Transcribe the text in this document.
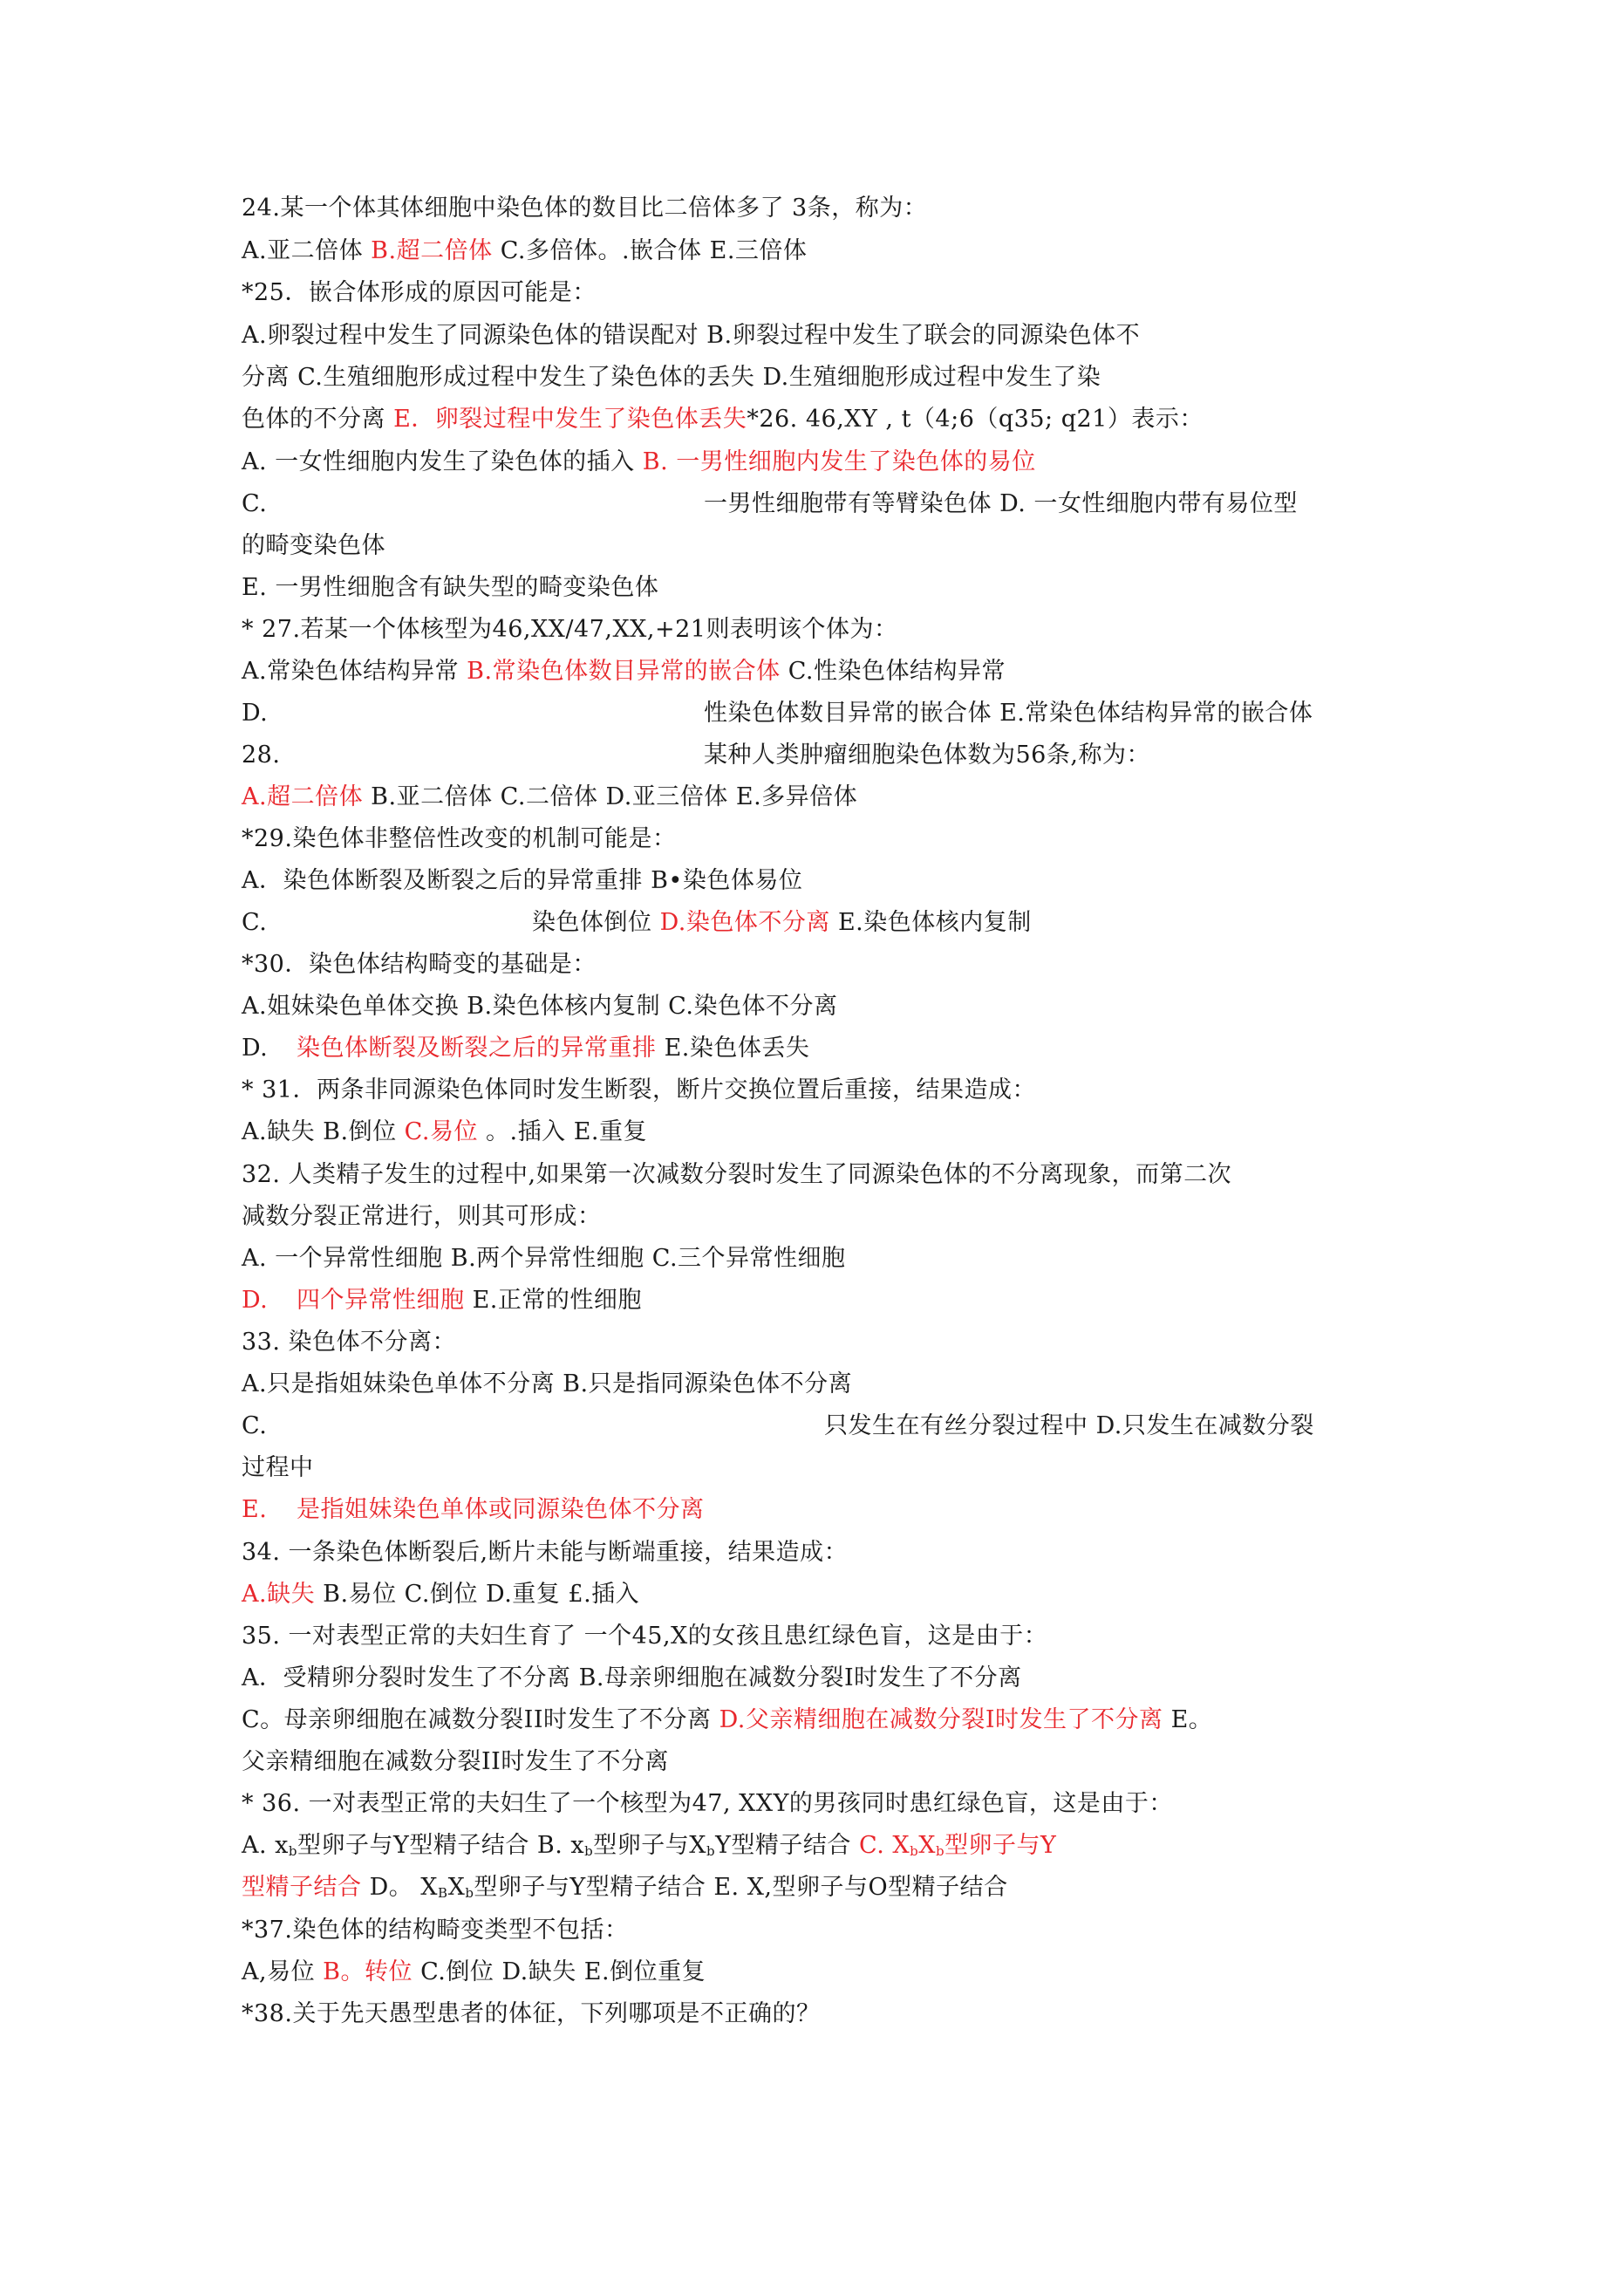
24.某一个体其体细胞中染色体的数目比二倍体多了 3条，称为：
A.亚二倍体 B.超二倍体 C.多倍体。.嵌合体 E.三倍体
*25．嵌合体形成的原因可能是：
A.卵裂过程中发生了同源染色体的错误配对 B.卵裂过程中发生了联会的同源染色体不
分离 C.生殖细胞形成过程中发生了染色体的丢失 D.生殖细胞形成过程中发生了染
色体的不分离 E．卵裂过程中发生了染色体丢失*26. 46,XY , t（4;6（q35; q21）表示：
A. 一女性细胞内发生了染色体的插入 B. 一男性细胞内发生了染色体的易位
C.	一男性细胞带有等臂染色体 D. 一女性细胞内带有易位型
的畸变染色体
E. 一男性细胞含有缺失型的畸变染色体
* 27.若某一个体核型为46,XX/47,XX,+21则表明该个体为：
A.常染色体结构异常 B.常染色体数目异常的嵌合体 C.性染色体结构异常
D.	性染色体数目异常的嵌合体 E.常染色体结构异常的嵌合体
28.	某种人类肿瘤细胞染色体数为56条,称为：
A.超二倍体 B.亚二倍体 C.二倍体 D.亚三倍体 E.多异倍体
*29.染色体非整倍性改变的机制可能是：
A．染色体断裂及断裂之后的异常重排 B•染色体易位
C.	染色体倒位 D.染色体不分离 E.染色体核内复制
*30．染色体结构畸变的基础是：
A.姐妹染色单体交换 B.染色体核内复制 C.染色体不分离
D. 染色体断裂及断裂之后的异常重排 E.染色体丢失
* 31．两条非同源染色体同时发生断裂，断片交换位置后重接，结果造成：
A.缺失 B.倒位 C.易位 。.插入 E.重复
32. 人类精子发生的过程中,如果第一次减数分裂时发生了同源染色体的不分离现象，而第二次
减数分裂正常进行，则其可形成：
A. 一个异常性细胞 B.两个异常性细胞 C.三个异常性细胞
D. 四个异常性细胞 E.正常的性细胞
33. 染色体不分离：
A.只是指姐妹染色单体不分离 B.只是指同源染色体不分离
C.	只发生在有丝分裂过程中 D.只发生在减数分裂
过程中
E. 是指姐妹染色单体或同源染色体不分离
34. 一条染色体断裂后,断片未能与断端重接，结果造成：
A.缺失 B.易位 C.倒位 D.重复 £.插入
35. 一对表型正常的夫妇生育了 一个45,X的女孩且患红绿色盲，这是由于：
A．受精卵分裂时发生了不分离 B.母亲卵细胞在减数分裂I时发生了不分离
C。母亲卵细胞在减数分裂II时发生了不分离 D.父亲精细胞在减数分裂I时发生了不分离 E。
父亲精细胞在减数分裂II时发生了不分离
* 36. 一对表型正常的夫妇生了一个核型为47, XXY的男孩同时患红绿色盲，这是由于：
A. $x_b$型卵子与Y型精子结合 B. $x_b$型卵子与$X_bY$型精子结合 C. $X_bX_b$型卵子与Y
型精子结合 D。 $X_BX_b$型卵子与Y型精子结合 E. X,型卵子与O型精子结合
*37.染色体的结构畸变类型不包括：
A,易位 B。转位 C.倒位 D.缺失 E.倒位重复
*38.关于先天愚型患者的体征，下列哪项是不正确的？
